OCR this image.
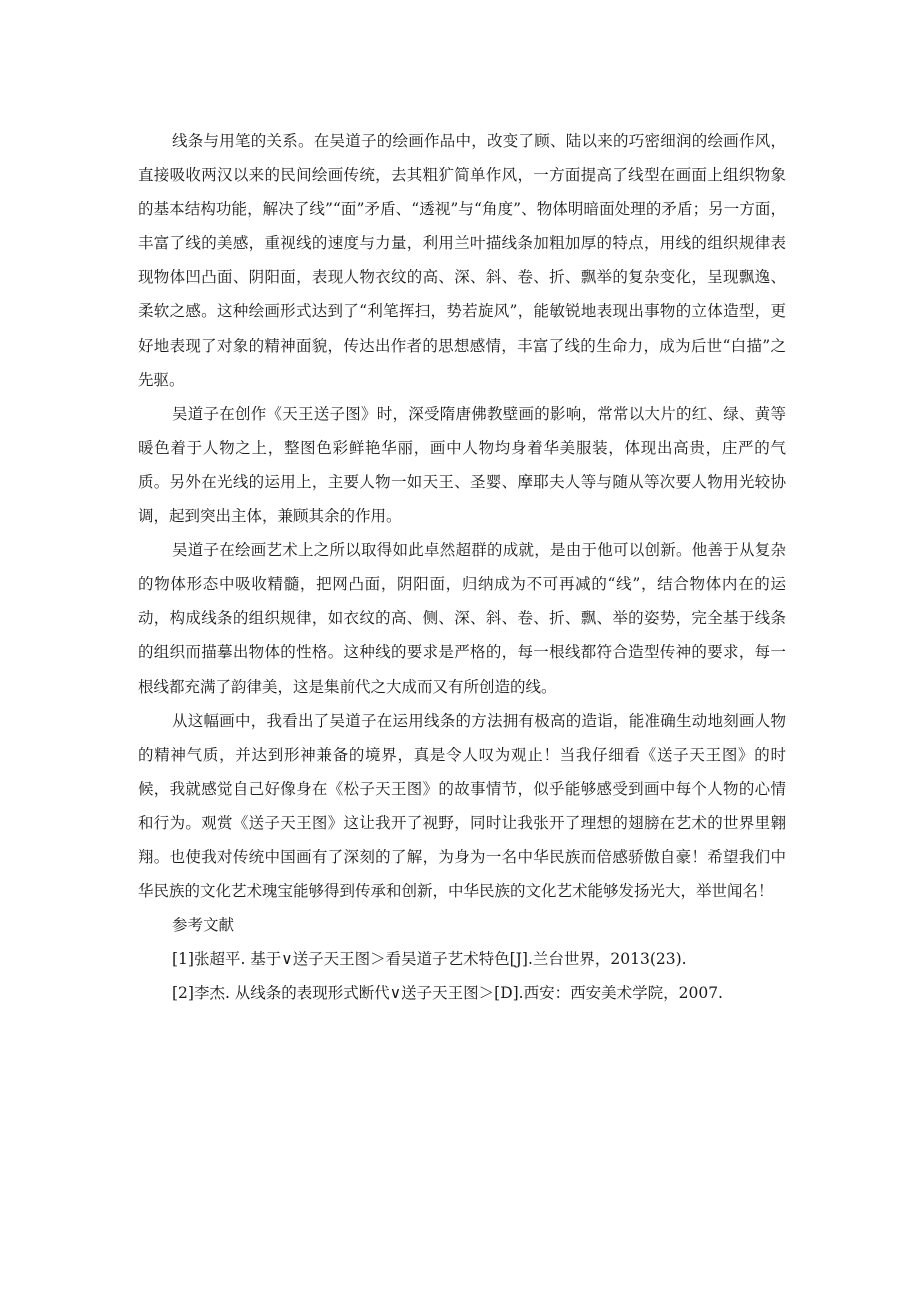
线条与用笔的关系。在吴道子的绘画作品中，改变了顾、陆以来的巧密细润的绘画作风，直接吸收两汉以来的民间绘画传统，去其粗犷简单作风，一方面提高了线型在画面上组织物象的基本结构功能，解决了线”“面”矛盾、“透视”与“角度”、物体明暗面处理的矛盾；另一方面，丰富了线的美感，重视线的速度与力量，利用兰叶描线条加粗加厚的特点，用线的组织规律表现物体凹凸面、阴阳面，表现人物衣纹的高、深、斜、卷、折、飘举的复杂变化，呈现飘逸、柔软之感。这种绘画形式达到了“利笔挥扫，势若旋风”，能敏锐地表现出事物的立体造型，更好地表现了对象的精神面貌，传达出作者的思想感情，丰富了线的生命力，成为后世“白描”之先驱。

吴道子在创作《天王送子图》时，深受隋唐佛教壁画的影响，常常以大片的红、绿、黄等暖色着于人物之上，整图色彩鲜艳华丽，画中人物均身着华美服装，体现出高贵，庄严的气质。另外在光线的运用上，主要人物一如天王、圣婴、摩耶夫人等与随从等次要人物用光较协调，起到突出主体，兼顾其余的作用。

吴道子在绘画艺术上之所以取得如此卓然超群的成就，是由于他可以创新。他善于从复杂的物体形态中吸收精髓，把网凸面，阴阳面，归纳成为不可再减的“线”，结合物体内在的运动，构成线条的组织规律，如衣纹的高、侧、深、斜、卷、折、飘、举的姿势，完全基于线条的组织而描摹出物体的性格。这种线的要求是严格的，每一根线都符合造型传神的要求，每一根线都充满了韵律美，这是集前代之大成而又有所创造的线。

从这幅画中，我看出了吴道子在运用线条的方法拥有极高的造诣，能准确生动地刻画人物的精神气质，并达到形神兼备的境界，真是令人叹为观止！当我仔细看《送子天王图》的时候，我就感觉自己好像身在《松子天王图》的故事情节，似乎能够感受到画中每个人物的心情和行为。观赏《送子天王图》这让我开了视野，同时让我张开了理想的翅膀在艺术的世界里翱翔。也使我对传统中国画有了深刻的了解，为身为一名中华民族而倍感骄傲自豪！希望我们中华民族的文化艺术瑰宝能够得到传承和创新，中华民族的文化艺术能够发扬光大，举世闻名！

参考文献

[1]张超平. 基于∨送子天王图＞看吴道子艺术特色[J].兰台世界，2013(23).

[2]李杰. 从线条的表现形式断代∨送子天王图＞[D].西安：西安美术学院，2007.
